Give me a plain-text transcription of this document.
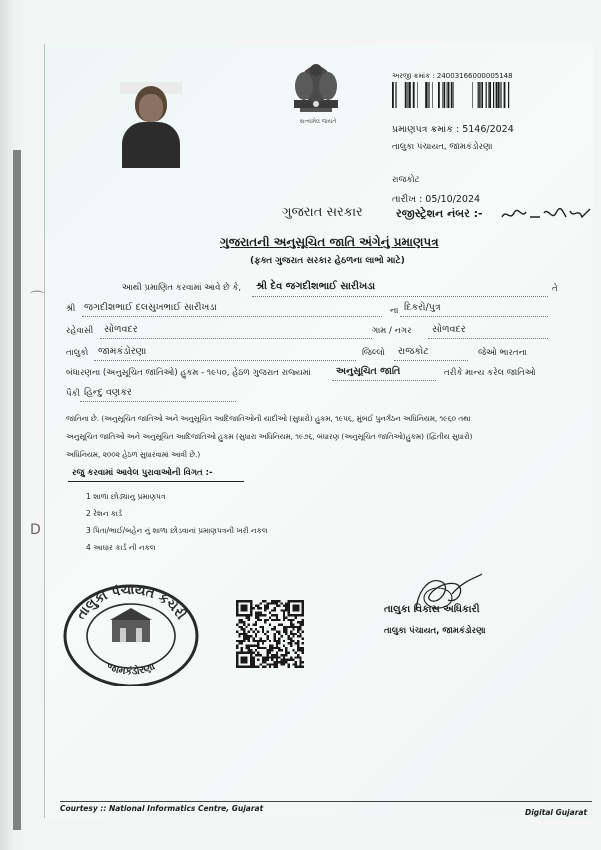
⌒
D
સત્યમેવ જયતે
અરજી ક્રમાંક : 24003166000005148
પ્રમાણપત્ર ક્રમાંક : 5146/2024
તાલુકા પંચાયત, જામકંડોરણા
રાજકોટ
તારીખ : 05/10/2024
ગુજરાત સરકાર	રજીસ્ટ્રેશન નંબર :-
ગુજરાતની અનુસૂચિત જાતિ અંગેનું પ્રમાણપત્ર
(ફક્ત ગુજરાત સરકાર હેઠળના લાભો માટે)
આથી પ્રમાણિત કરવામાં આવે છે કે, શ્રી દેવ જગદીશભાઈ સારીખડા	તે
શ્રી જગદીશભાઈ દલસુખભાઈ સારીખડા	ના દિકરો/પુત્ર
રહેવાસી સોળવદર	ગામ / નગર સોળવદર
તાલુકો જામકંડોરણા	જિલ્લો રાજકોટ	જેઓ ભારતના
બંધારણના (અનુસૂચિત જાતિઓ) હુકમ - ૧૯૫૦, હેઠળ ગુજરાત રાજ્યમાં	અનુસૂચિત જાતિ	તરીકે માન્ય કરેલ જાતિઓ
પૈકી હિન્દુ વણકર
જાતિના છે. (અનુસૂચિત જાતિઓ અને અનુસૂચિત આદિજાતિઓની યાદીઓ (સુધારો) હુકમ, ૧૯૫૬, મુંબઈ પુનર્ગઠન અધિનિયમ, ૧૯૬૦ તથા
અનુસૂચિત જાતિઓ અને અનુસૂચિત આદિજાતિઓ હુકમ (સુધારા અધિનિયમ, ૧૯૭૬, બંધારણ (અનુસૂચિત જાતિઓ)હુકમ) (દ્વિતીય સુધારો)
અધિનિયમ, ૨૦૦૨ હેઠળ સુધારવામાં આવી છે.)
રજુ કરવામાં આવેલ પુરાવાઓની વિગત :-
1 શાળા છોડ્યાનુ પ્રમાણપત્ર
2 રેશન કાર્ડ
3 પિતા/ભાઈ/બહેન નું શાળા છોડવાનાં પ્રમાણપત્રની ખરી નકલ
4 આધાર કાર્ડ ની નકલ
તાલુકા પંચાયત કચેરી
જામકંડોરણા
તાલુકા વિકાસ અધિકારી
તાલુકા પંચાયત, જામકંડોરણા
Courtesy :: National Informatics Centre, Gujarat	Digital Gujarat
